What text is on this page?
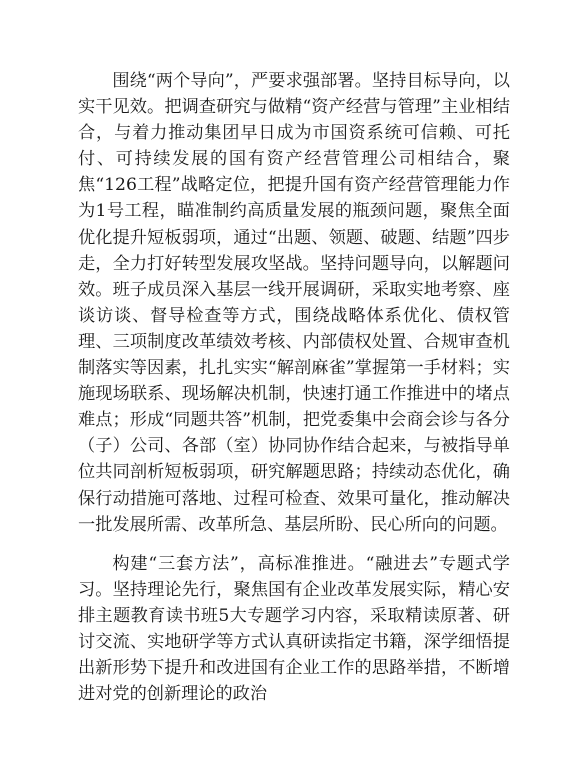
围绕“两个导向”，严要求强部署。坚持目标导向，以实干见效。把调查研究与做精“资产经营与管理”主业相结合，与着力推动集团早日成为市国资系统可信赖、可托付、可持续发展的国有资产经营管理公司相结合，聚焦“126工程”战略定位，把提升国有资产经营管理能力作为1号工程，瞄准制约高质量发展的瓶颈问题，聚焦全面优化提升短板弱项，通过“出题、领题、破题、结题”四步走，全力打好转型发展攻坚战。坚持问题导向，以解题问效。班子成员深入基层一线开展调研，采取实地考察、座谈访谈、督导检查等方式，围绕战略体系优化、债权管理、三项制度改革绩效考核、内部债权处置、合规审查机制落实等因素，扎扎实实“解剖麻雀”掌握第一手材料；实施现场联系、现场解决机制，快速打通工作推进中的堵点难点；形成“同题共答”机制，把党委集中会商会诊与各分（子）公司、各部（室）协同协作结合起来，与被指导单位共同剖析短板弱项，研究解题思路；持续动态优化，确保行动措施可落地、过程可检查、效果可量化，推动解决一批发展所需、改革所急、基层所盼、民心所向的问题。

构建“三套方法”，高标准推进。“融进去”专题式学习。坚持理论先行，聚焦国有企业改革发展实际，精心安排主题教育读书班5大专题学习内容，采取精读原著、研讨交流、实地研学等方式认真研读指定书籍，深学细悟提出新形势下提升和改进国有企业工作的思路举措，不断增进对党的创新理论的政治
